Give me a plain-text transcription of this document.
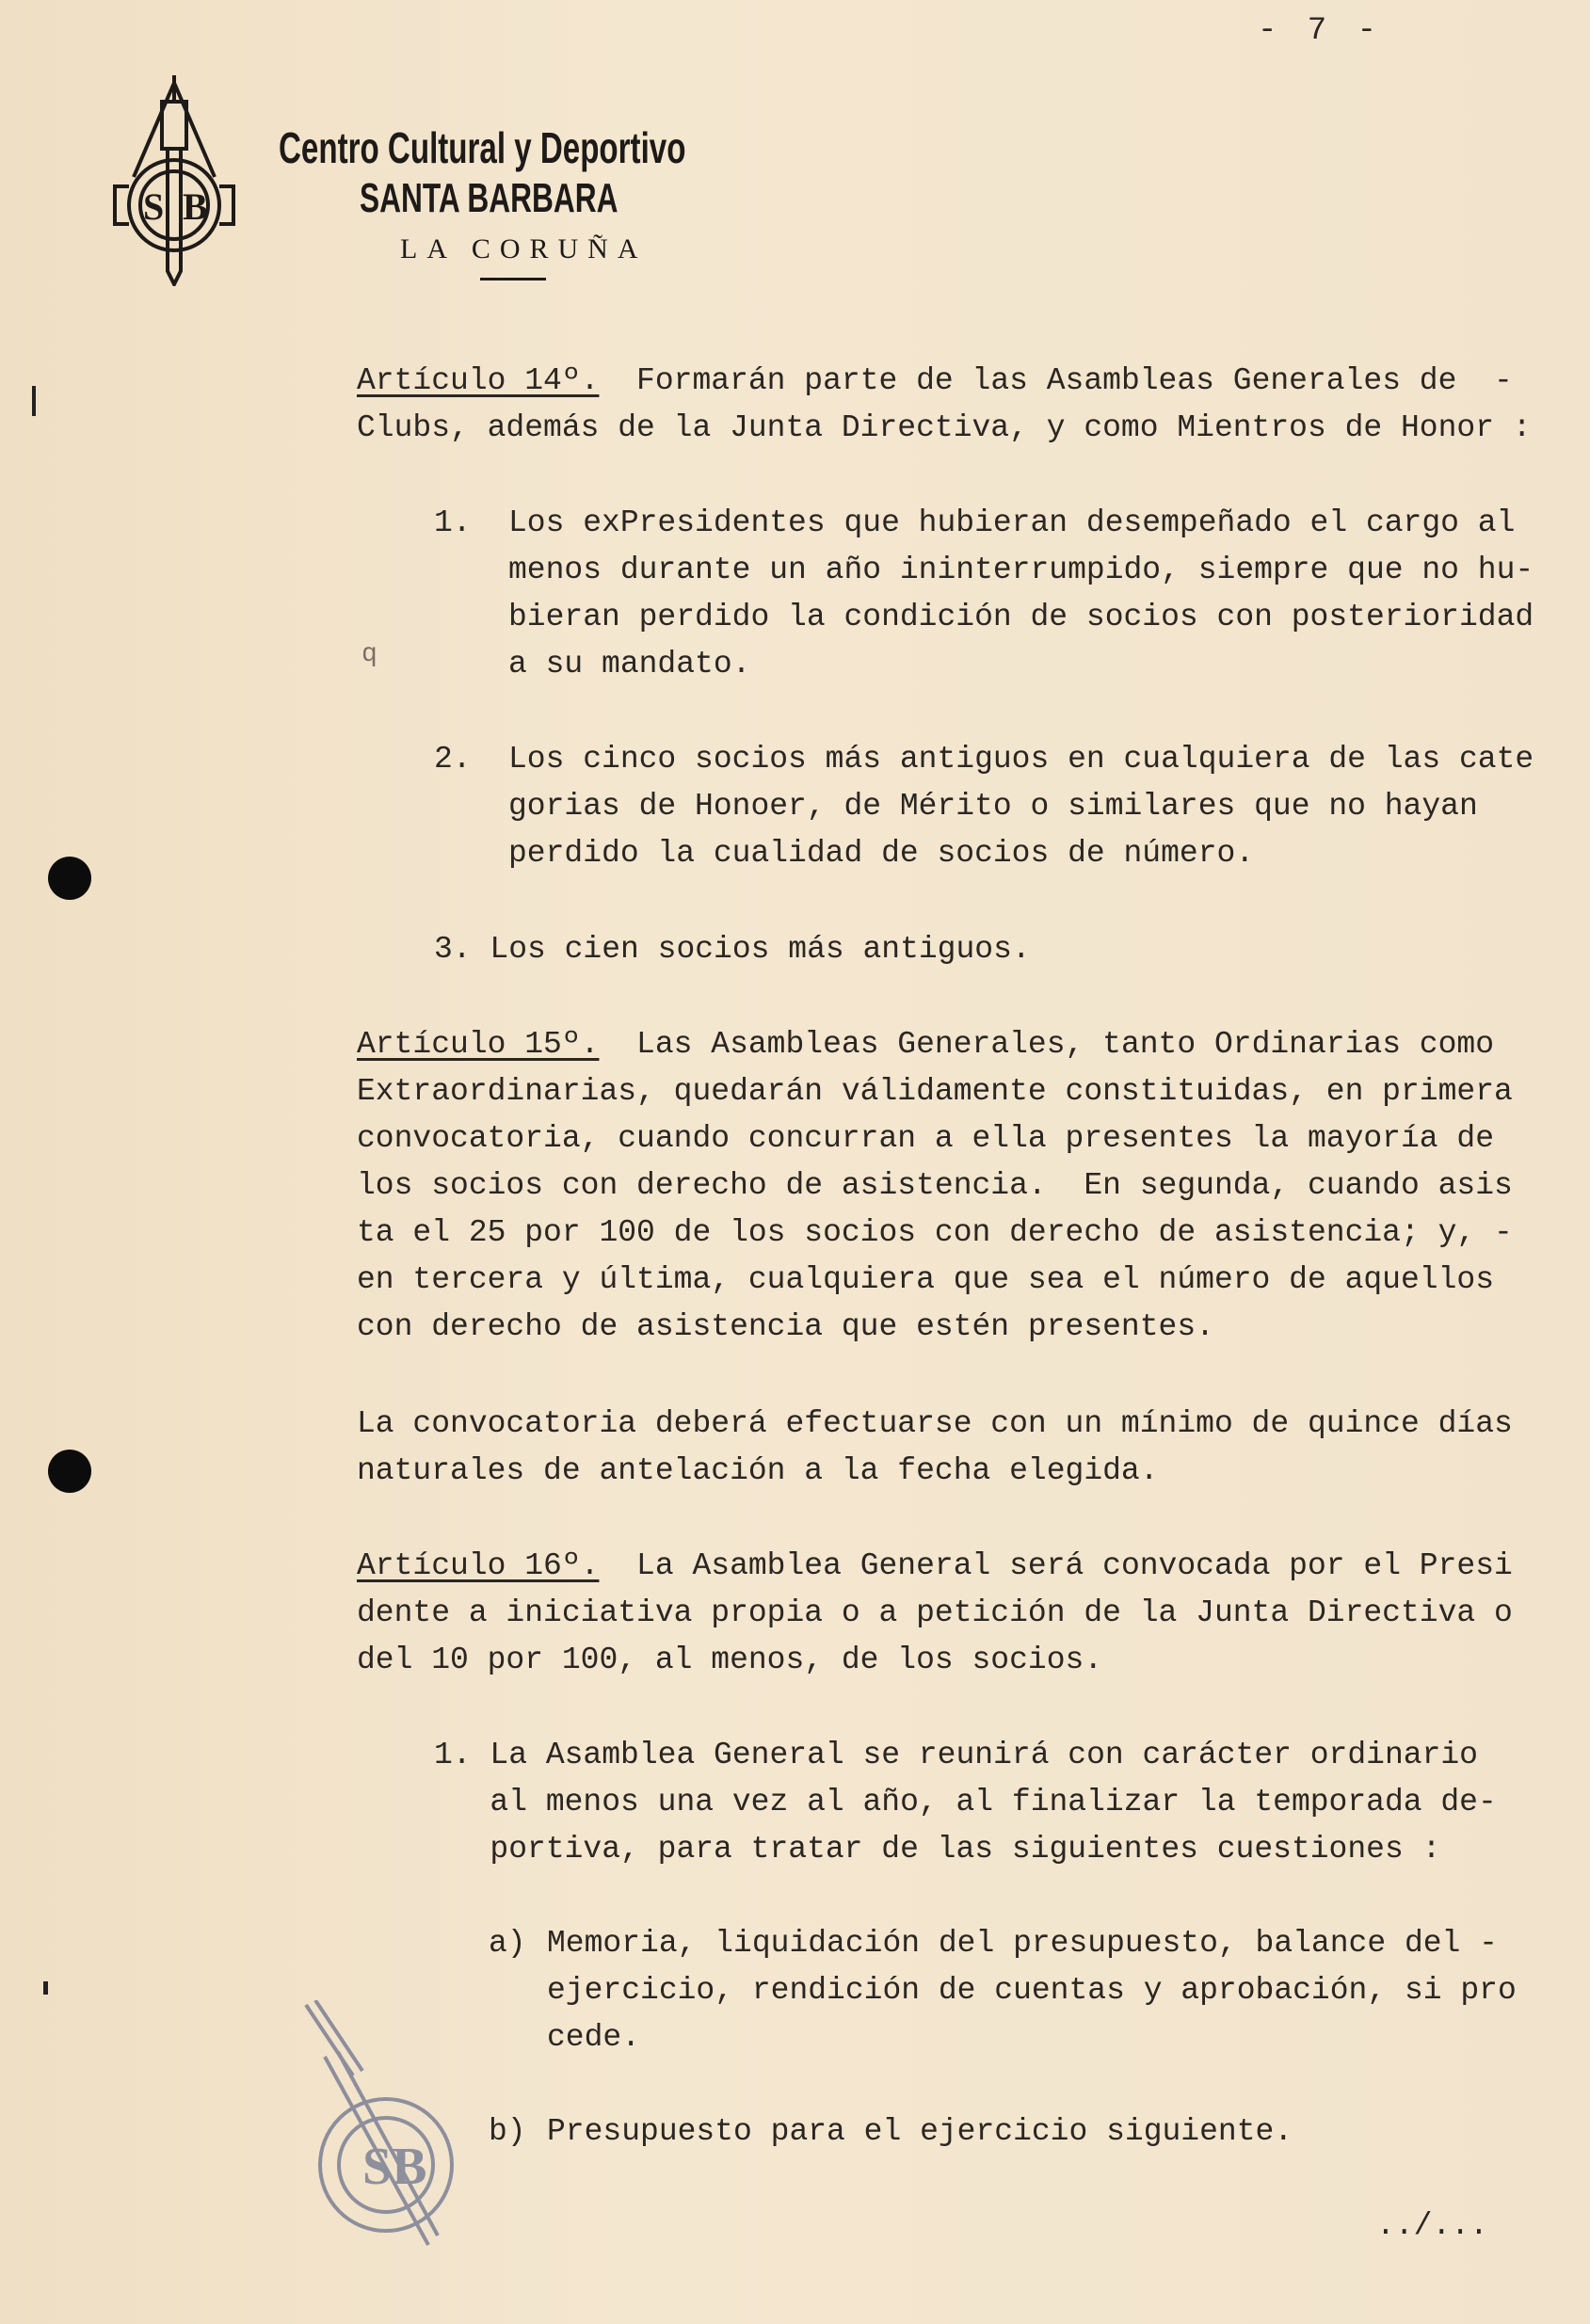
- 7 -
S B
Centro Cultural y Deportivo
SANTA BARBARA
LA CORUÑA
q
Artículo 14º.  Formarán parte de las Asambleas Generales de  -
Clubs, además de la Junta Directiva, y como Mientros de Honor :
1. Los exPresidentes que hubieran desempeñado el cargo al
menos durante un año ininterrumpido, siempre que no hu-
bieran perdido la condición de socios con posterioridad
a su mandato.
2. Los cinco socios más antiguos en cualquiera de las cate
gorias de Honoer, de Mérito o similares que no hayan
perdido la cualidad de socios de número.
3. Los cien socios más antiguos.
Artículo 15º.  Las Asambleas Generales, tanto Ordinarias como
Extraordinarias, quedarán válidamente constituidas, en primera
convocatoria, cuando concurran a ella presentes la mayoría de
los socios con derecho de asistencia.  En segunda, cuando asis
ta el 25 por 100 de los socios con derecho de asistencia; y, -
en tercera y última, cualquiera que sea el número de aquellos
con derecho de asistencia que estén presentes.
La convocatoria deberá efectuarse con un mínimo de quince días
naturales de antelación a la fecha elegida.
Artículo 16º.  La Asamblea General será convocada por el Presi
dente a iniciativa propia o a petición de la Junta Directiva o
del 10 por 100, al menos, de los socios.
1. La Asamblea General se reunirá con carácter ordinario
al menos una vez al año, al finalizar la temporada de-
portiva, para tratar de las siguientes cuestiones :
a) Memoria, liquidación del presupuesto, balance del -
ejercicio, rendición de cuentas y aprobación, si pro
cede.
b) Presupuesto para el ejercicio siguiente.
../...
SB
